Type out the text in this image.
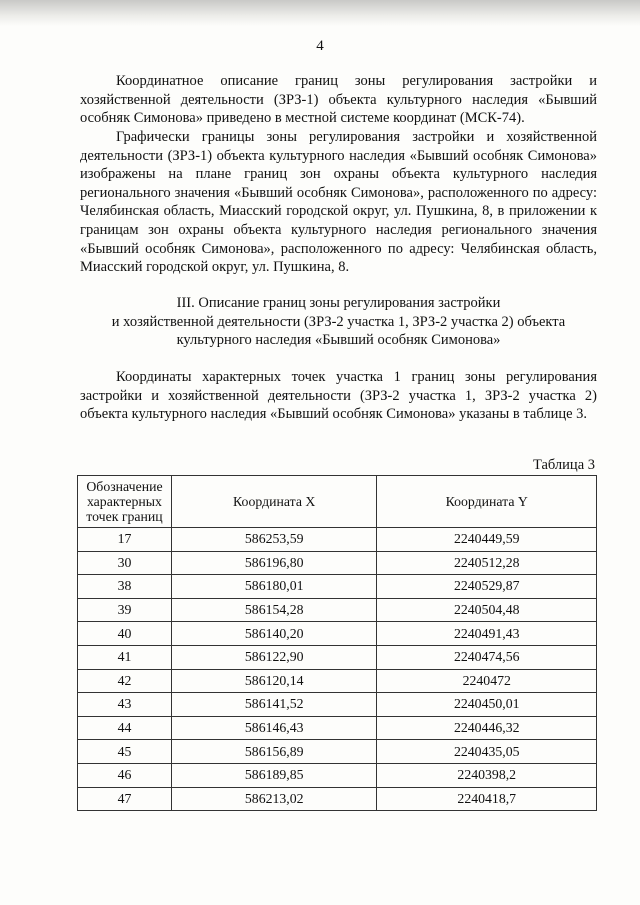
4

Координатное описание границ зоны регулирования застройки и хозяйственной деятельности (ЗРЗ-1) объекта культурного наследия «Бывший особняк Симонова» приведено в местной системе координат (МСК-74).

Графически границы зоны регулирования застройки и хозяйственной деятельности (ЗРЗ-1) объекта культурного наследия «Бывший особняк Симонова» изображены на плане границ зон охраны объекта культурного наследия регионального значения «Бывший особняк Симонова», расположенного по адресу: Челябинская область, Миасский городской округ, ул. Пушкина, 8, в приложении к границам зон охраны объекта культурного наследия регионального значения «Бывший особняк Симонова», расположенного по адресу: Челябинская область, Миасский городской округ, ул. Пушкина, 8.

III. Описание границ зоны регулирования застройки
и хозяйственной деятельности (ЗРЗ-2 участка 1, ЗРЗ-2 участка 2) объекта
культурного наследия «Бывший особняк Симонова»

Координаты характерных точек участка 1 границ зоны регулирования застройки и хозяйственной деятельности (ЗРЗ-2 участка 1, ЗРЗ-2 участка 2) объекта культурного наследия «Бывший особняк Симонова» указаны в таблице 3.

Таблица 3
Обозначение характерных точек границ	Координата X	Координата Y
17	586253,59	2240449,59
30	586196,80	2240512,28
38	586180,01	2240529,87
39	586154,28	2240504,48
40	586140,20	2240491,43
41	586122,90	2240474,56
42	586120,14	2240472
43	586141,52	2240450,01
44	586146,43	2240446,32
45	586156,89	2240435,05
46	586189,85	2240398,2
47	586213,02	2240418,7
